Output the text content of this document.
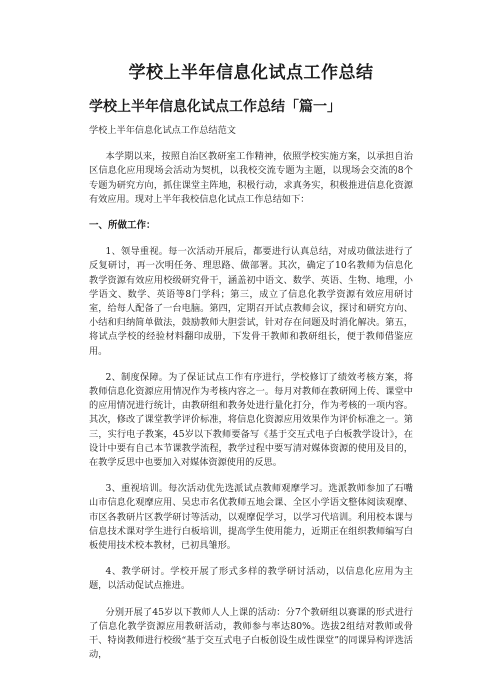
学校上半年信息化试点工作总结
学校上半年信息化试点工作总结「篇一」

学校上半年信息化试点工作总结范文

本学期以来，按照自治区教研室工作精神，依照学校实施方案，以承担自治区信息化应用现场会活动为契机，以我校交流专题为主题，以现场会交流的8个专题为研究方向，抓住课堂主阵地，积极行动，求真务实，积极推进信息化资源有效应用。现对上半年我校信息化试点工作总结如下：

一、所做工作：

1、领导重视。每一次活动开展后，都要进行认真总结，对成功做法进行了反复研讨，再一次明任务、理思路、做部署。其次，确定了10名教师为信息化教学资源有效应用校级研究骨干，涵盖初中语文、数学、英语、生物、地理，小学语文、数学、英语等8门学科；第三，成立了信息化教学资源有效应用研讨室，给每人配备了一台电脑。第四，定期召开试点教师会议，探讨和研究方向、小结和归纳简单做法，鼓励教师大胆尝试，针对存在问题及时消化解决。第五，将试点学校的经验材料翻印成册，下发骨干教师和教研组长，便于教师借鉴应用。

2、制度保障。为了保证试点工作有序进行，学校修订了绩效考核方案，将教师信息化资源应用情况作为考核内容之一。每月对教师在教研网上传、课堂中的应用情况进行统计，由教研组和教务处进行量化打分，作为考核的一项内容。其次，修改了课堂教学评价标准，将信息化资源应用效果作为评价标准之一。第三，实行电子教案，45岁以下教师要备写《基于交互式电子白板教学设计》，在设计中要有自己本节课教学流程，教学过程中要写清对媒体资源的使用及目的，在教学反思中也要加入对媒体资源使用的反思。

3、重视培训。每次活动优先选派试点教师观摩学习。选派教师参加了石嘴山市信息化观摩应用、吴忠市名优教师五地会课、全区小学语文整体阅读观摩、市区各教研片区教学研讨等活动，以观摩促学习，以学习代培训。利用校本课与信息技术课对学生进行白板培训，提高学生使用能力，近期正在组织教师编写白板使用技术校本教材，已初具雏形。

4、教学研讨。学校开展了形式多样的教学研讨活动，以信息化应用为主题，以活动促试点推进。

分别开展了45岁以下教师人人上课的活动：分7个教研组以赛课的形式进行了信息化教学资源应用教研活动，教师参与率达80%。选拔2组结对教师或骨干、特岗教师进行校级“基于交互式电子白板创设生成性课堂”的同课异构评选活动，
